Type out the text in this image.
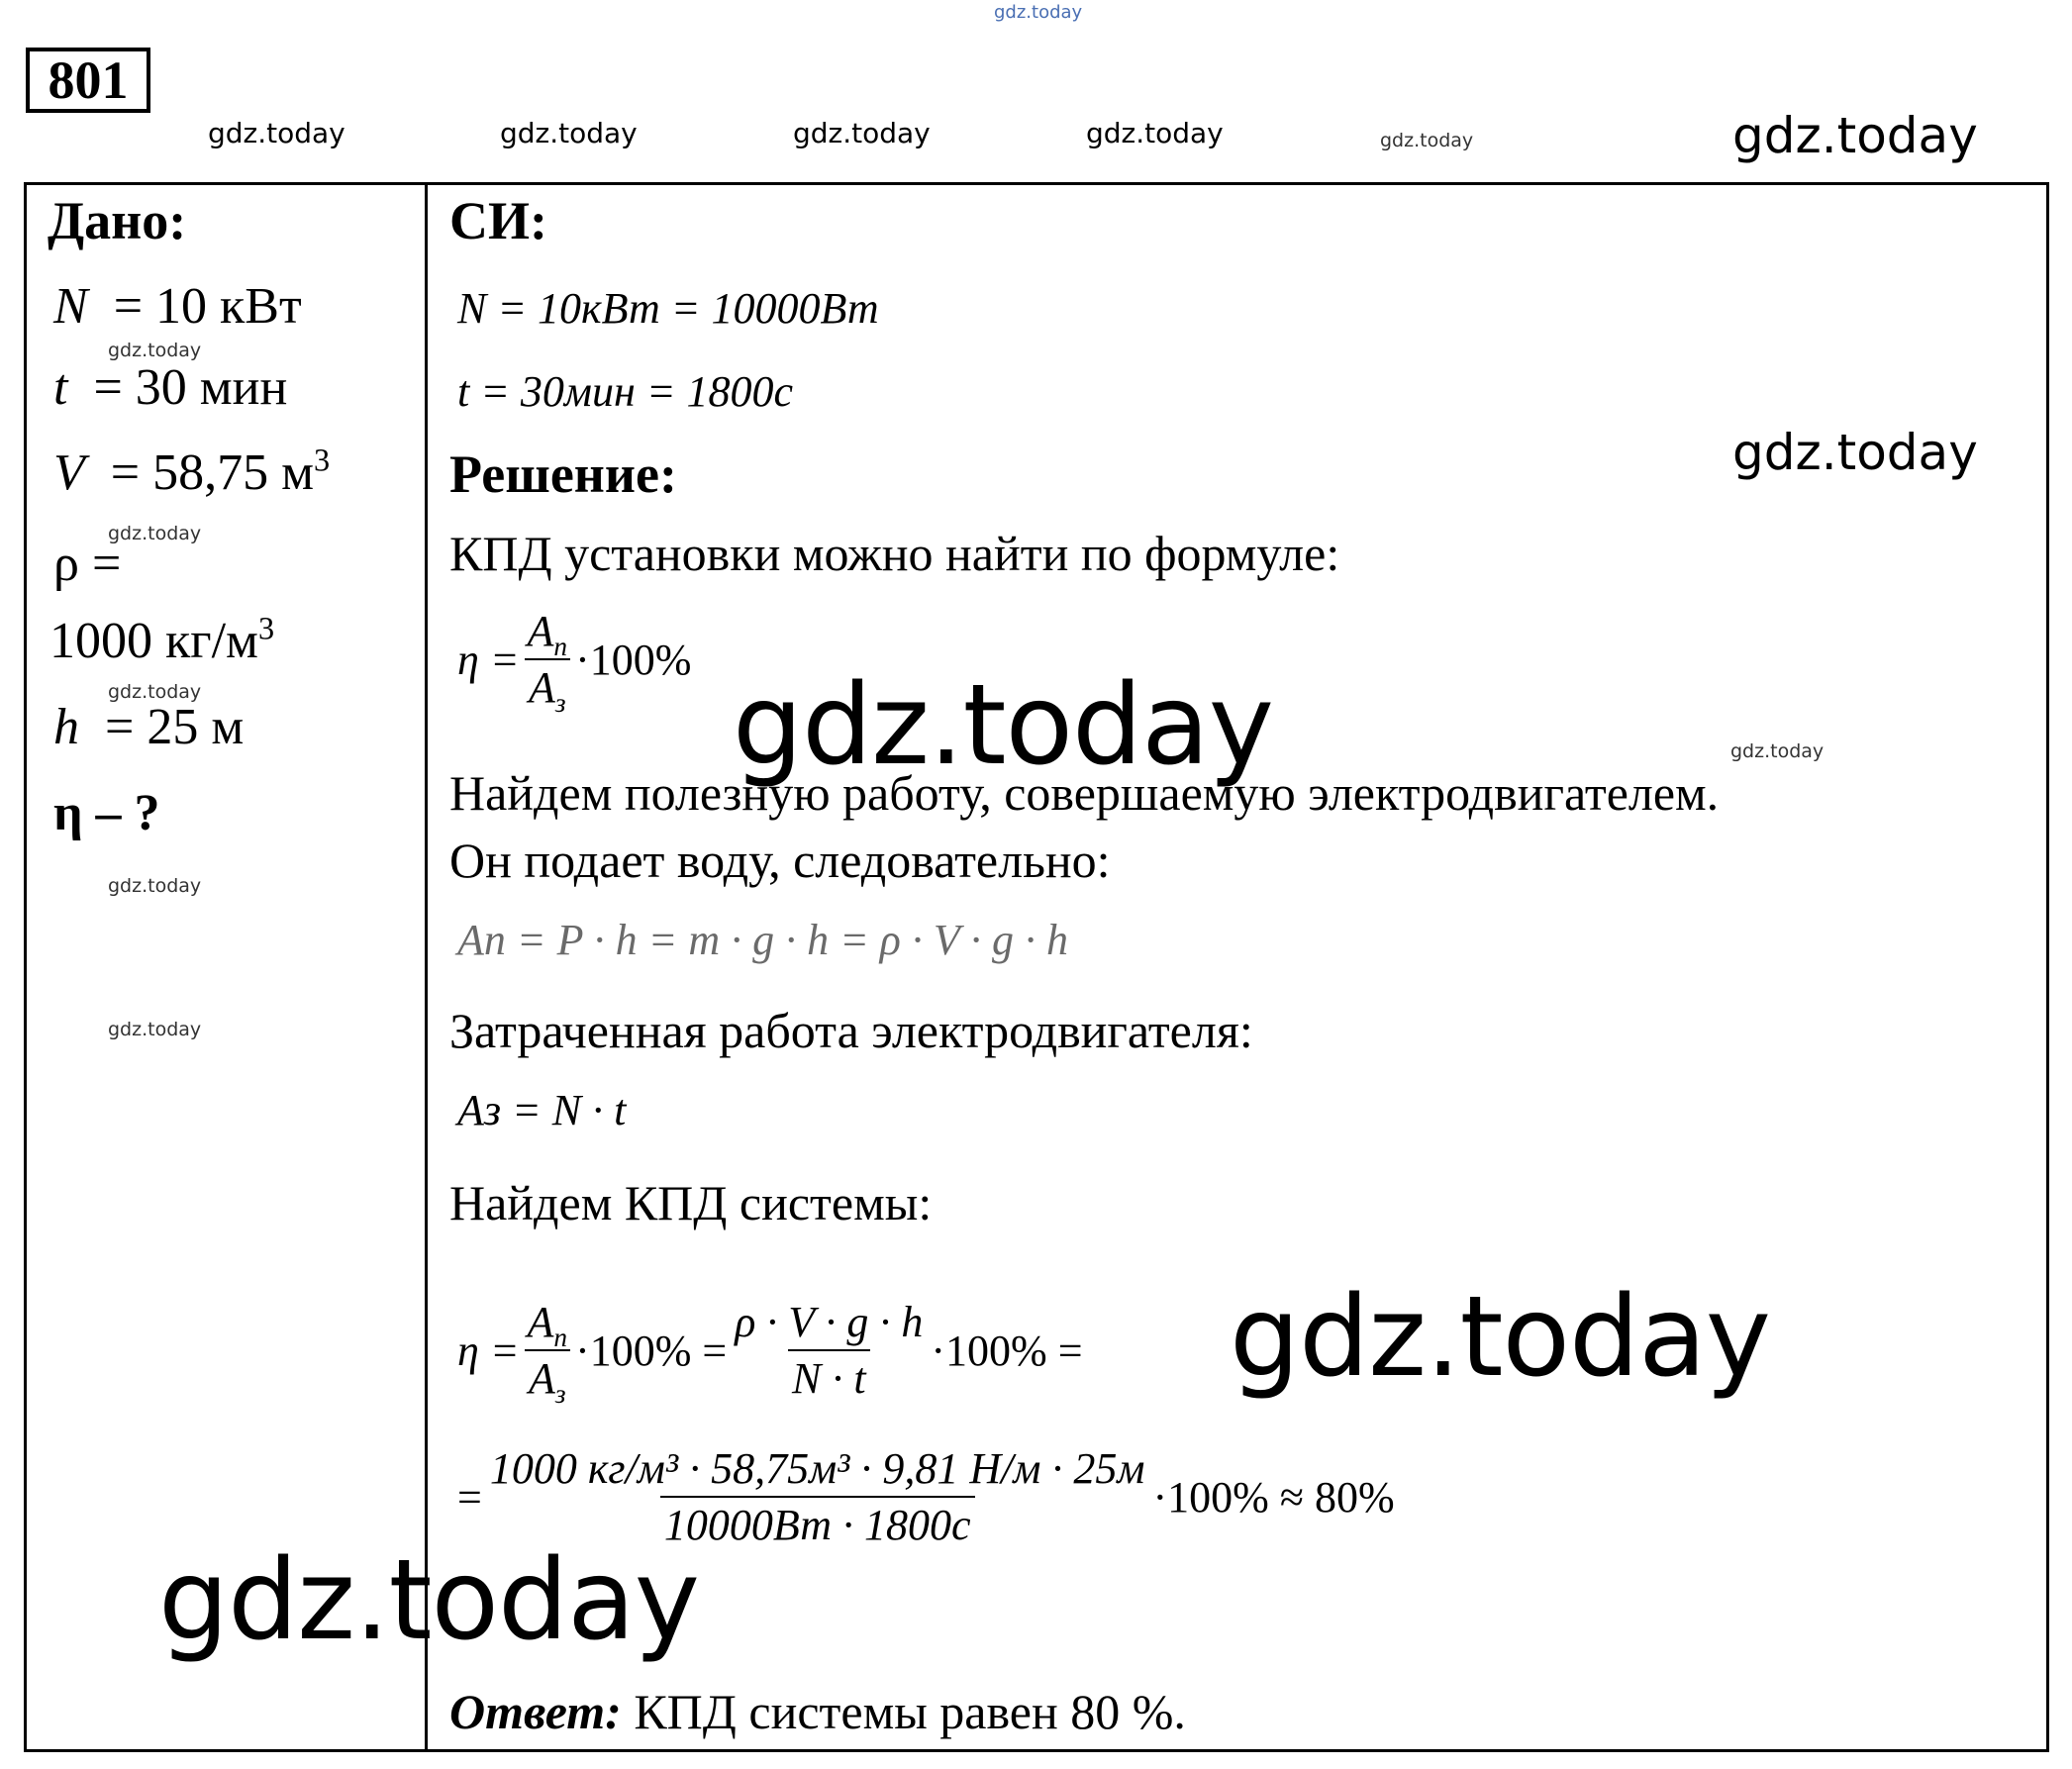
gdz.today
801
gdz.today	gdz.today	gdz.today	gdz.today	gdz.today	gdz.today
Дано:
N  = 10 кВт
gdz.today
t  = 30 мин
V  = 58,75 $м^3$
gdz.today
ρ =
1000 $кг/м^3$
gdz.today
h  = 25 м
η – ?
gdz.today
gdz.today
СИ:
N = 10кВт = 10000Вт
t = 30мин = 1800с
Решение:	gdz.today
КПД установки можно найти по формуле:
$\eta = \frac{A_п}{A_з} \cdot 100\%$
gdz.today	gdz.today
Найдем полезную работу, совершаемую электродвигателем.
Он подает воду, следовательно:
Aп = P · h = m · g · h = ρ · V · g · h
Затраченная работа электродвигателя:
Aз = N · t
Найдем КПД системы:
$\eta = \frac{A_п}{A_з} \cdot 100\% = \frac{\rho \cdot V \cdot g \cdot h}{N \cdot t} \cdot 100\%$ = gdz.today
= $\frac{\text{1000 кг/м³ · 58,75м³ · 9,81 Н/м · 25м}}{10000Вт \cdot 1800с} \cdot 100\% \approx 80\%$
gdz.today
Ответ: КПД системы равен 80 %.
